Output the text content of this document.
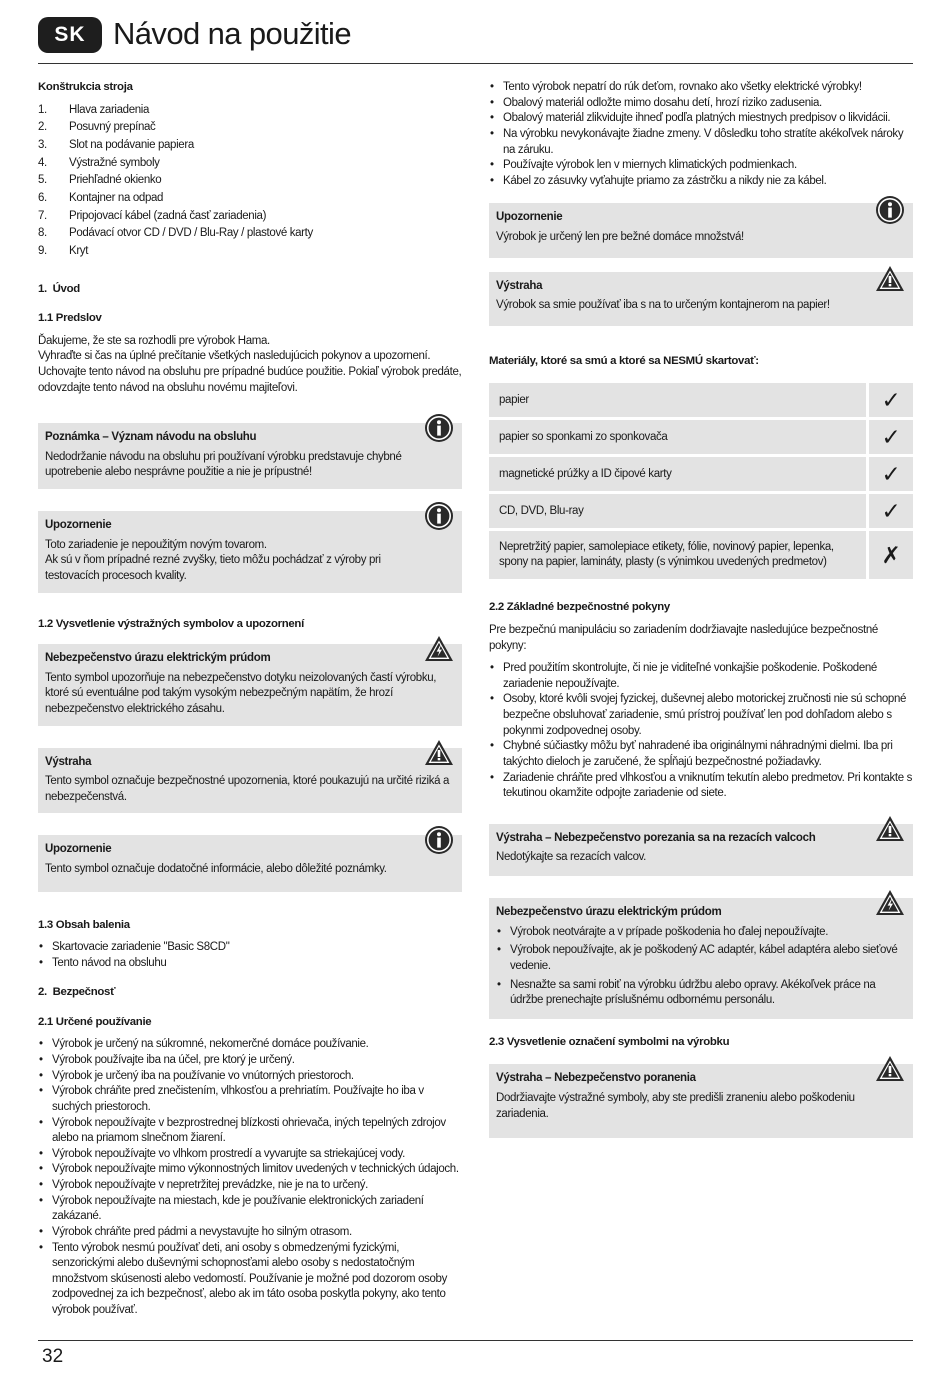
SK Návod na použitie
Konštrukcia stroja
1.	Hlava zariadenia
2.	Posuvný prepínač
3.	Slot na podávanie papiera
4.	Výstražné symboly
5.	Priehľadné okienko
6.	Kontajner na odpad
7.	Pripojovací kábel (zadná časť zariadenia)
8.	Podávací otvor CD / DVD / Blu-Ray / plastové karty
9.	Kryt
1.  Úvod
1.1 Predslov

Ďakujeme, že ste sa rozhodli pre výrobok Hama.
Vyhraďte si čas na úplné prečítanie všetkých nasledujúcich pokynov a upozornení. Uchovajte tento návod na obsluhu pre prípadné budúce použitie. Pokiaľ výrobok predáte, odovzdajte tento návod na obsluhu novému majiteľovi.

Poznámka – Význam návodu na obsluhu
Nedodržanie návodu na obsluhu pri používaní výrobku predstavuje chybné upotrebenie alebo nesprávne použitie a nie je prípustné!
Upozornenie
Toto zariadenie je nepoužitým novým tovarom.
Ak sú v ňom prípadné rezné zvyšky, tieto môžu pochádzať z výroby pri testovacích procesoch kvality.
1.2 Vysvetlenie výstražných symbolov a upozornení
Nebezpečenstvo úrazu elektrickým prúdom
Tento symbol upozorňuje na nebezpečenstvo dotyku neizolovaných častí výrobku, ktoré sú eventuálne pod takým vysokým nebezpečným napätím, že hrozí nebezpečenstvo elektrického zásahu.
Výstraha
Tento symbol označuje bezpečnostné upozornenia, ktoré poukazujú na určité riziká a nebezpečenstvá.
Upozornenie
Tento symbol označuje dodatočné informácie, alebo dôležité poznámky.
1.3 Obsah balenia
• Skartovacie zariadenie "Basic S8CD"
• Tento návod na obsluhu
2.  Bezpečnosť
2.1 Určené používanie
• Výrobok je určený na súkromné, nekomerčné domáce používanie.
• Výrobok používajte iba na účel, pre ktorý je určený.
• Výrobok je určený iba na používanie vo vnútorných priestoroch.
• Výrobok chráňte pred znečistením, vlhkosťou a prehriatím. Používajte ho iba v suchých priestoroch.
• Výrobok nepoužívajte v bezprostrednej blízkosti ohrievača, iných tepelných zdrojov alebo na priamom slnečnom žiarení.
• Výrobok nepoužívajte vo vlhkom prostredí a vyvarujte sa striekajúcej vody.
• Výrobok nepoužívajte mimo výkonnostných limitov uvedených v technických údajoch.
• Výrobok nepoužívajte v nepretržitej prevádzke, nie je na to určený.
• Výrobok nepoužívajte na miestach, kde je používanie elektronických zariadení zakázané.
• Výrobok chráňte pred pádmi a nevystavujte ho silným otrasom.
• Tento výrobok nesmú používať deti, ani osoby s obmedzenými fyzickými, senzorickými alebo duševnými schopnosťami alebo osoby s nedostatočným množstvom skúsenosti alebo vedomostí. Používanie je možné pod dozorom osoby zodpovednej za ich bezpečnosť, alebo ak im táto osoba poskytla pokyny, ako tento výrobok používať.
• Tento výrobok nepatrí do rúk deťom, rovnako ako všetky elektrické výrobky!
• Obalový materiál odložte mimo dosahu detí, hrozí riziko zadusenia.
• Obalový materiál zlikvidujte ihneď podľa platných miestnych predpisov o likvidácii.
• Na výrobku nevykonávajte žiadne zmeny. V dôsledku toho stratíte akékoľvek nároky na záruku.
• Používajte výrobok len v miernych klimatických podmienkach.
• Kábel zo zásuvky vyťahujte priamo za zástrčku a nikdy nie za kábel.
Upozornenie
Výrobok je určený len pre bežné domáce množstvá!
Výstraha
Výrobok sa smie používať iba s na to určeným kontajnerom na papier!
Materiály, ktoré sa smú a ktoré sa NESMÚ skartovať:
papier	✓
papier so sponkami zo sponkovača	✓
magnetické prúžky a ID čipové karty	✓
CD, DVD, Blu-ray	✓
Nepretržitý papier, samolepiace etikety, fólie, novinový papier, lepenka, spony na papier, lamináty, plasty (s výnimkou uvedených predmetov)	✗
2.2 Základné bezpečnostné pokyny

Pre bezpečnú manipuláciu so zariadením dodržiavajte nasledujúce bezpečnostné pokyny:

• Pred použitím skontrolujte, či nie je viditeľné vonkajšie poškodenie. Poškodené zariadenie nepoužívajte.
• Osoby, ktoré kvôli svojej fyzickej, duševnej alebo motorickej zručnosti nie sú schopné bezpečne obsluhovať zariadenie, smú prístroj používať len pod dohľadom alebo s pokynmi zodpovednej osoby.
• Chybné súčiastky môžu byť nahradené iba originálnymi náhradnými dielmi. Iba pri takýchto dieloch je zaručené, že spĺňajú bezpečnostné požiadavky.
• Zariadenie chráňte pred vlhkosťou a vniknutím tekutín alebo predmetov. Pri kontakte s tekutinou okamžite odpojte zariadenie od siete.
Výstraha – Nebezpečenstvo porezania sa na rezacích valcoch
Nedotýkajte sa rezacích valcov.
Nebezpečenstvo úrazu elektrickým prúdom
• Výrobok neotvárajte a v prípade poškodenia ho ďalej nepoužívajte.
• Výrobok nepoužívajte, ak je poškodený AC adaptér, kábel adaptéra alebo sieťové vedenie.
• Nesnažte sa sami robiť na výrobku údržbu alebo opravy. Akékoľvek práce na údržbe prenechajte príslušnému odbornému personálu.
2.3 Vysvetlenie označení symbolmi na výrobku
Výstraha – Nebezpečenstvo poranenia
Dodržiavajte výstražné symboly, aby ste predišli zraneniu alebo poškodeniu zariadenia.
32
